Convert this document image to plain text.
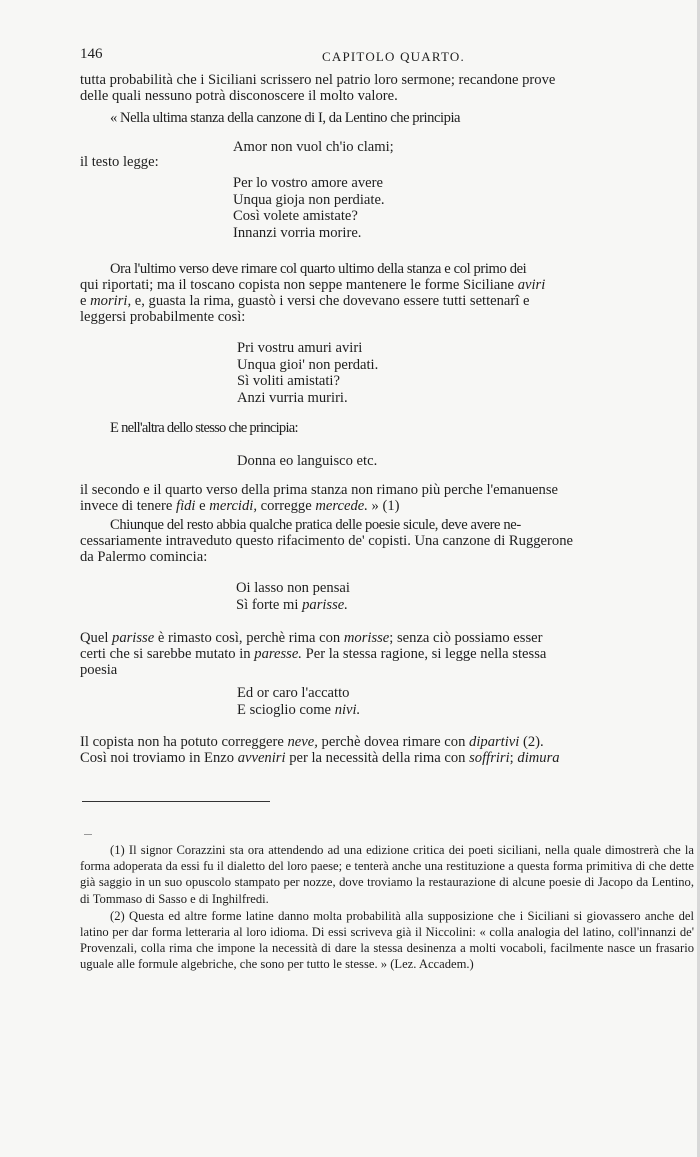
146	CAPITOLO QUARTO.
tutta probabilità che i Siciliani scrissero nel patrio loro sermone; recandone prove
delle quali nessuno potrà disconoscere il molto valore.
« Nella ultima stanza della canzone di I, da Lentino che principia
Amor non vuol ch'io clami;
il testo legge:
Per lo vostro amore avere
Unqua gioja non perdiate.
Così volete amistate?
Innanzi vorria morire.
Ora l'ultimo verso deve rimare col quarto ultimo della stanza e col primo dei
qui riportati; ma il toscano copista non seppe mantenere le forme Siciliane aviri
e moriri, e, guasta la rima, guastò i versi che dovevano essere tutti settenarî e
leggersi probabilmente così:
Pri vostru amuri aviri
Unqua gioi' non perdati.
Sì voliti amistati?
Anzi vurria muriri.
E nell'altra dello stesso che principia:
Donna eo languisco etc.
il secondo e il quarto verso della prima stanza non rimano più perche l'emanuense
invece di tenere fidi e mercidi, corregge mercede. » (1)
Chiunque del resto abbia qualche pratica delle poesie sicule, deve avere ne-
cessariamente intraveduto questo rifacimento de' copisti. Una canzone di Ruggerone
da Palermo comincia:
Oi lasso non pensai
Sì forte mi parisse.
Quel parisse è rimasto così, perchè rima con morisse; senza ciò possiamo esser
certi che si sarebbe mutato in paresse. Per la stessa ragione, si legge nella stessa
poesia
Ed or caro l'accatto
E scioglio come nivi.
Il copista non ha potuto correggere neve, perchè dovea rimare con dipartivi (2).
Così noi troviamo in Enzo avveniri per la necessità della rima con soffriri; dimura

(1) Il signor Corazzini sta ora attendendo ad una edizione critica dei poeti siciliani, nella quale dimostrerà che la forma adoperata da essi fu il dialetto del loro paese; e tenterà anche una restituzione a questa forma primitiva di che dette già saggio in un suo opuscolo stampato per nozze, dove troviamo la restaurazione di alcune poesie di Jacopo da Lentino, di Tommaso di Sasso e di Inghilfredi.

(2) Questa ed altre forme latine danno molta probabilità alla supposizione che i Siciliani si giovassero anche del latino per dar forma letteraria al loro idioma. Di essi scriveva già il Niccolini: « colla analogia del latino, coll'innanzi de' Provenzali, colla rima che impone la necessità di dare la stessa desinenza a molti vocaboli, facilmente nasce un frasario uguale alle formule algebriche, che sono per tutto le stesse. » (Lez. Accadem.)
